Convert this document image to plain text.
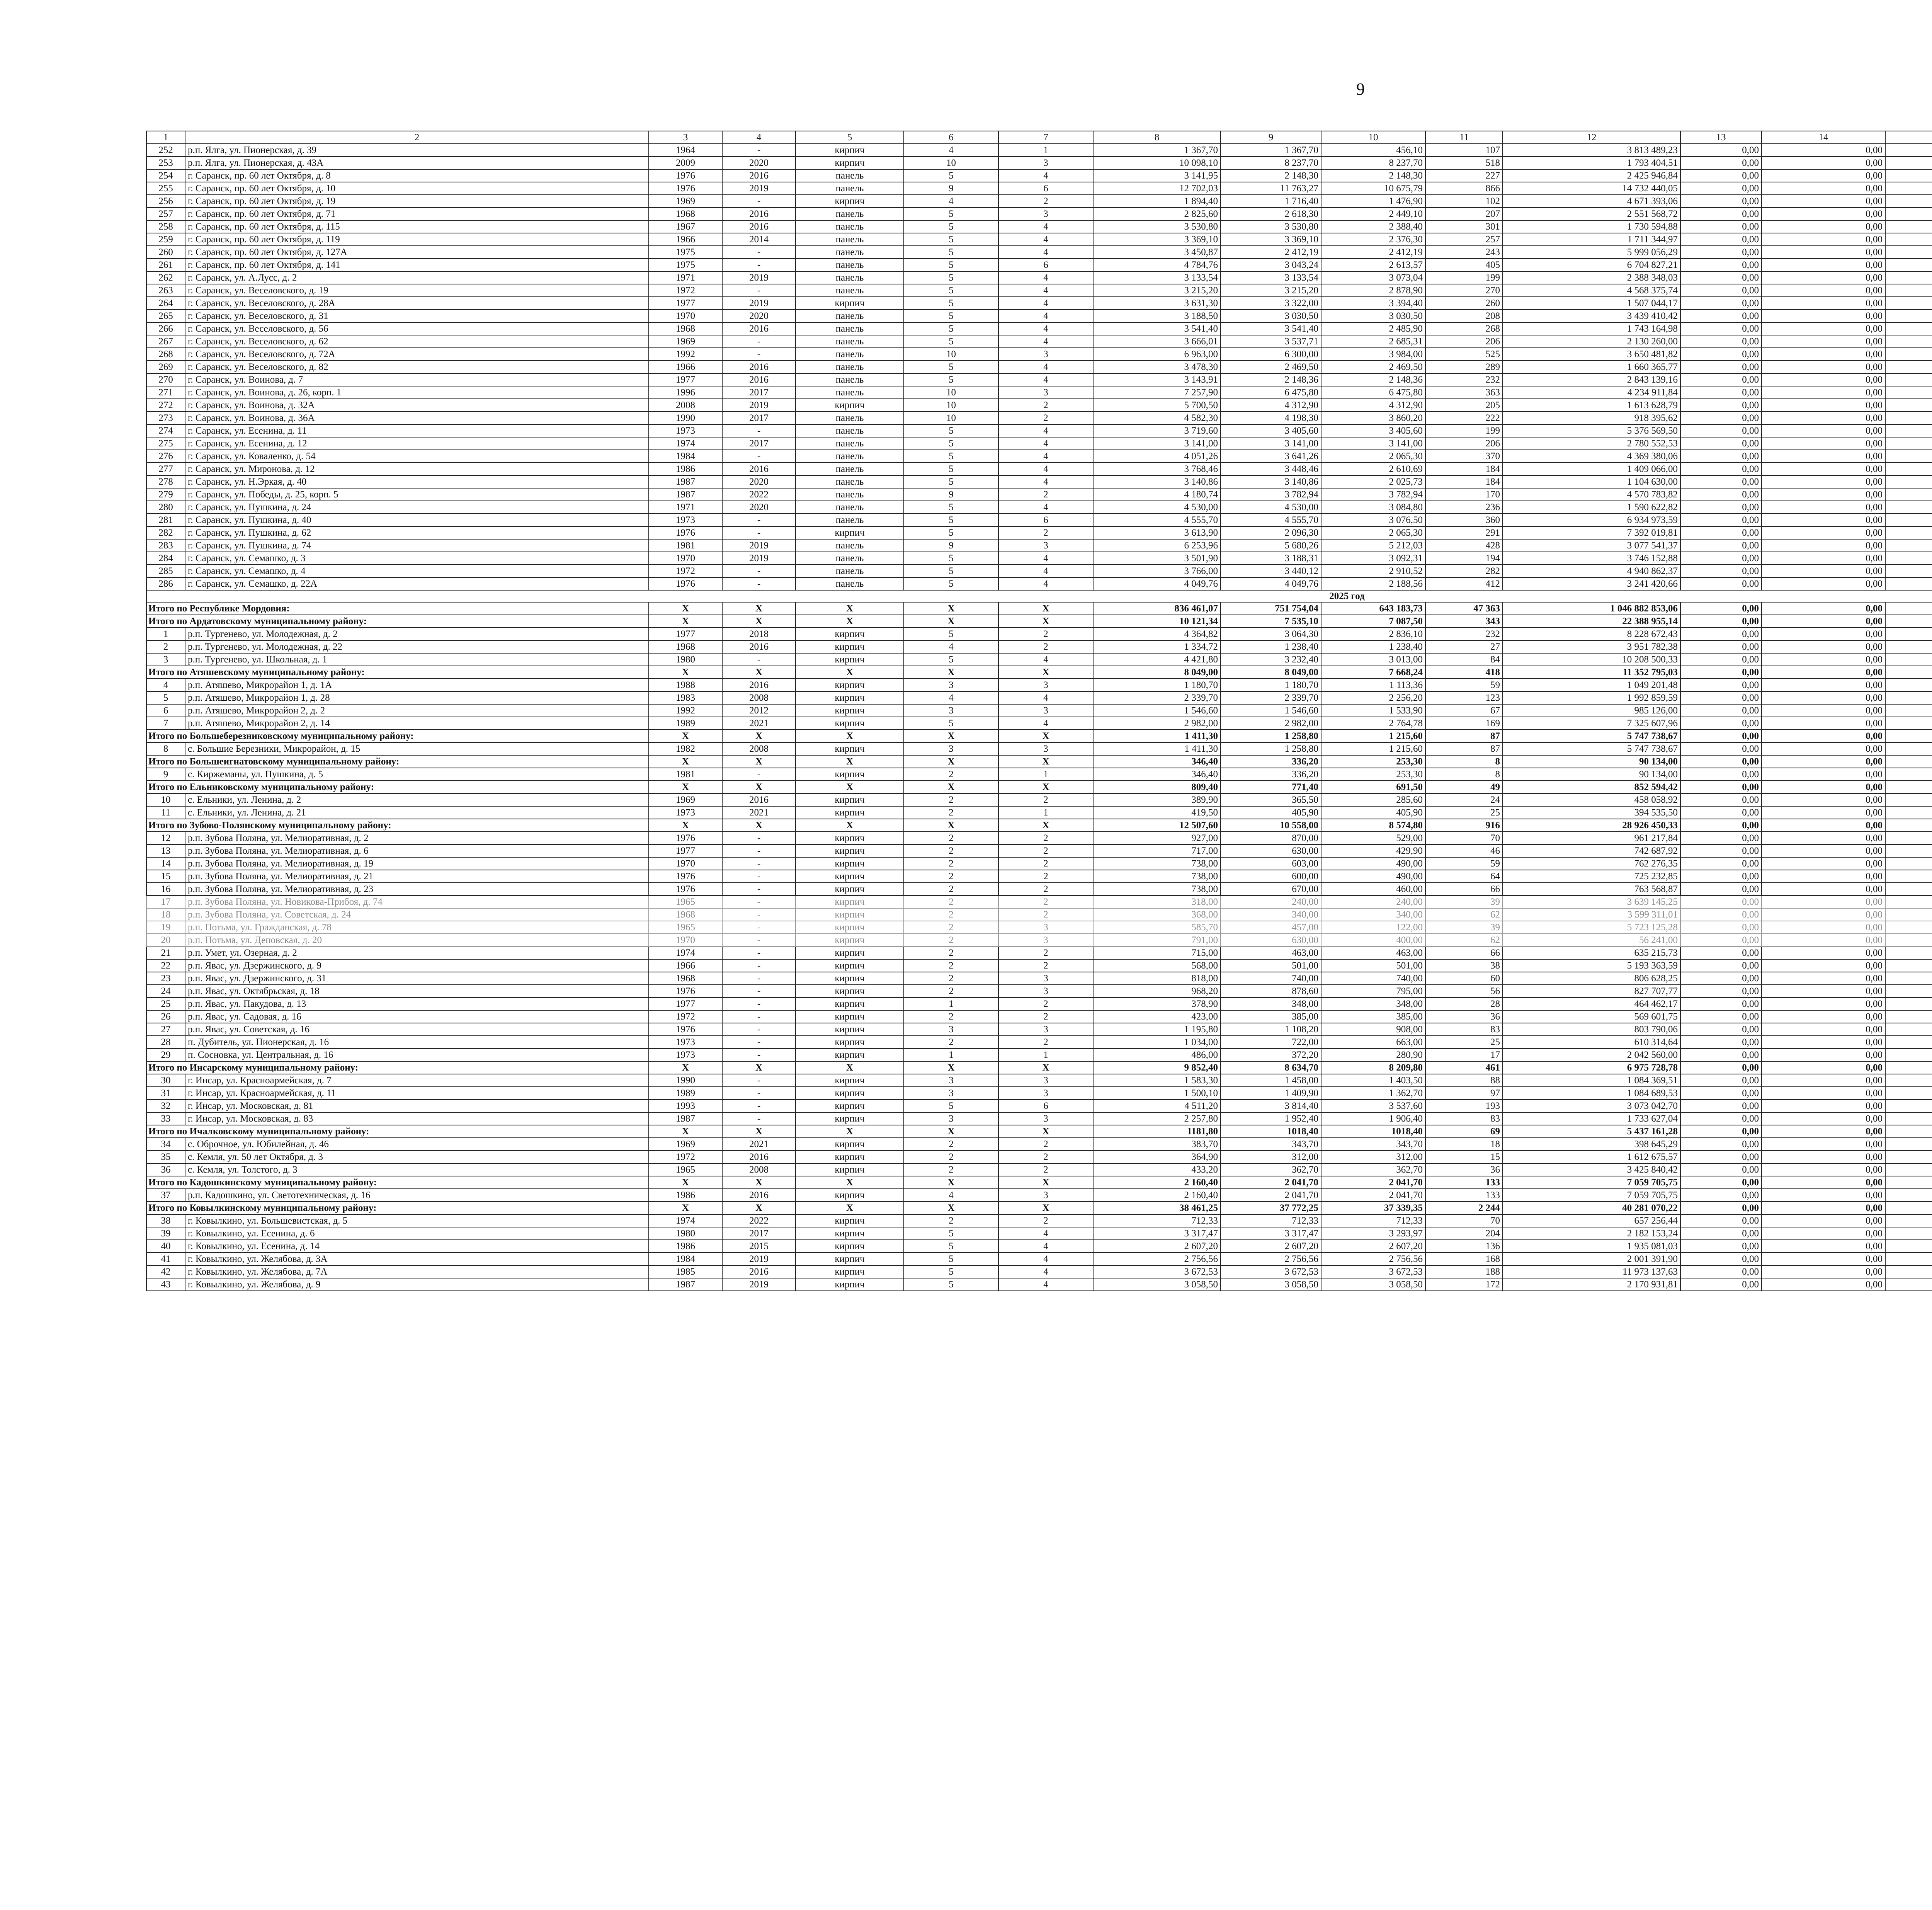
9
1	2	3	4	5	6	7	8	9	10	11	12	13	14					
252	р.п. Ялга, ул. Пионерская, д. 39	1964	-	кирпич	4	1	1 367,70	1 367,70	456,10	107	3 813 489,23	0,00	0,00					
253	р.п. Ялга, ул. Пионерская, д. 43А	2009	2020	кирпич	10	3	10 098,10	8 237,70	8 237,70	518	1 793 404,51	0,00	0,00					
254	г. Саранск, пр. 60 лет Октября, д. 8	1976	2016	панель	5	4	3 141,95	2 148,30	2 148,30	227	2 425 946,84	0,00	0,00					
255	г. Саранск, пр. 60 лет Октября, д. 10	1976	2019	панель	9	6	12 702,03	11 763,27	10 675,79	866	14 732 440,05	0,00	0,00					
256	г. Саранск, пр. 60 лет Октября, д. 19	1969	-	кирпич	4	2	1 894,40	1 716,40	1 476,90	102	4 671 393,06	0,00	0,00					
257	г. Саранск, пр. 60 лет Октября, д. 71	1968	2016	панель	5	3	2 825,60	2 618,30	2 449,10	207	2 551 568,72	0,00	0,00					
258	г. Саранск, пр. 60 лет Октября, д. 115	1967	2016	панель	5	4	3 530,80	3 530,80	2 388,40	301	1 730 594,88	0,00	0,00					
259	г. Саранск, пр. 60 лет Октября, д. 119	1966	2014	панель	5	4	3 369,10	3 369,10	2 376,30	257	1 711 344,97	0,00	0,00					
260	г. Саранск, пр. 60 лет Октября, д. 127А	1975	-	панель	5	4	3 450,87	2 412,19	2 412,19	243	5 999 056,29	0,00	0,00					
261	г. Саранск, пр. 60 лет Октября, д. 141	1975	-	панель	5	6	4 784,76	3 043,24	2 613,57	405	6 704 827,21	0,00	0,00					
262	г. Саранск, ул. А.Лусс, д. 2	1971	2019	панель	5	4	3 133,54	3 133,54	3 073,04	199	2 388 348,03	0,00	0,00					
263	г. Саранск, ул. Веселовского, д. 19	1972	-	панель	5	4	3 215,20	3 215,20	2 878,90	270	4 568 375,74	0,00	0,00					
264	г. Саранск, ул. Веселовского, д. 28А	1977	2019	кирпич	5	4	3 631,30	3 322,00	3 394,40	260	1 507 044,17	0,00	0,00					
265	г. Саранск, ул. Веселовского, д. 31	1970	2020	панель	5	4	3 188,50	3 030,50	3 030,50	208	3 439 410,42	0,00	0,00					
266	г. Саранск, ул. Веселовского, д. 56	1968	2016	панель	5	4	3 541,40	3 541,40	2 485,90	268	1 743 164,98	0,00	0,00					
267	г. Саранск, ул. Веселовского, д. 62	1969	-	панель	5	4	3 666,01	3 537,71	2 685,31	206	2 130 260,00	0,00	0,00					
268	г. Саранск, ул. Веселовского, д. 72А	1992	-	панель	10	3	6 963,00	6 300,00	3 984,00	525	3 650 481,82	0,00	0,00					
269	г. Саранск, ул. Веселовского, д. 82	1966	2016	панель	5	4	3 478,30	2 469,50	2 469,50	289	1 660 365,77	0,00	0,00					
270	г. Саранск, ул. Воинова, д. 7	1977	2016	панель	5	4	3 143,91	2 148,36	2 148,36	232	2 843 139,16	0,00	0,00					
271	г. Саранск, ул. Воинова, д. 26, корп. 1	1996	2017	панель	10	3	7 257,90	6 475,80	6 475,80	363	4 234 911,84	0,00	0,00					
272	г. Саранск, ул. Воинова, д. 32А	2008	2019	кирпич	10	2	5 700,50	4 312,90	4 312,90	205	1 613 628,79	0,00	0,00					
273	г. Саранск, ул. Воинова, д. 36А	1990	2017	панель	10	2	4 582,30	4 198,30	3 860,20	222	918 395,62	0,00	0,00					
274	г. Саранск, ул. Есенина, д. 11	1973	-	панель	5	4	3 719,60	3 405,60	3 405,60	199	5 376 569,50	0,00	0,00					
275	г. Саранск, ул. Есенина, д. 12	1974	2017	панель	5	4	3 141,00	3 141,00	3 141,00	206	2 780 552,53	0,00	0,00					
276	г. Саранск, ул. Коваленко, д. 54	1984	-	панель	5	4	4 051,26	3 641,26	2 065,30	370	4 369 380,06	0,00	0,00					
277	г. Саранск, ул. Миронова, д. 12	1986	2016	панель	5	4	3 768,46	3 448,46	2 610,69	184	1 409 066,00	0,00	0,00					
278	г. Саранск, ул. Н.Эркая, д. 40	1987	2020	панель	5	4	3 140,86	3 140,86	2 025,73	184	1 104 630,00	0,00	0,00					
279	г. Саранск, ул. Победы, д. 25, корп. 5	1987	2022	панель	9	2	4 180,74	3 782,94	3 782,94	170	4 570 783,82	0,00	0,00					
280	г. Саранск, ул. Пушкина, д. 24	1971	2020	панель	5	4	4 530,00	4 530,00	3 084,80	236	1 590 622,82	0,00	0,00					
281	г. Саранск, ул. Пушкина, д. 40	1973	-	панель	5	6	4 555,70	4 555,70	3 076,50	360	6 934 973,59	0,00	0,00					
282	г. Саранск, ул. Пушкина, д. 62	1976	-	кирпич	5	2	3 613,90	2 096,30	2 065,30	291	7 392 019,81	0,00	0,00					
283	г. Саранск, ул. Пушкина, д. 74	1981	2019	панель	9	3	6 253,96	5 680,26	5 212,03	428	3 077 541,37	0,00	0,00					
284	г. Саранск, ул. Семашко, д. 3	1970	2019	панель	5	4	3 501,90	3 188,31	3 092,31	194	3 746 152,88	0,00	0,00					
285	г. Саранск, ул. Семашко, д. 4	1972	-	панель	5	4	3 766,00	3 440,12	2 910,52	282	4 940 862,37	0,00	0,00					
286	г. Саранск, ул. Семашко, д. 22А	1976	-	панель	5	4	4 049,76	4 049,76	2 188,56	412	3 241 420,66	0,00	0,00					
2025 год																		
Итого по Республике Мордовия:		X	X	X	X	X	836 461,07	751 754,04	643 183,73	47 363	1 046 882 853,06	0,00	0,00					
Итого по Ардатовскому муниципальному району:		X	X	X	X	X	10 121,34	7 535,10	7 087,50	343	22 388 955,14	0,00	0,00					
1	р.п. Тургенево, ул. Молодежная, д. 2	1977	2018	кирпич	5	2	4 364,82	3 064,30	2 836,10	232	8 228 672,43	0,00	0,00					
2	р.п. Тургенево, ул. Молодежная, д. 22	1968	2016	кирпич	4	2	1 334,72	1 238,40	1 238,40	27	3 951 782,38	0,00	0,00					
3	р.п. Тургенево, ул. Школьная, д. 1	1980	-	кирпич	5	4	4 421,80	3 232,40	3 013,00	84	10 208 500,33	0,00	0,00					
Итого по Атяшевскому муниципальному району:		X	X	X	X	X	8 049,00	8 049,00	7 668,24	418	11 352 795,03	0,00	0,00					
4	р.п. Атяшево, Микрорайон 1, д. 1А	1988	2016	кирпич	3	3	1 180,70	1 180,70	1 113,36	59	1 049 201,48	0,00	0,00					
5	р.п. Атяшево, Микрорайон 1, д. 28	1983	2008	кирпич	4	4	2 339,70	2 339,70	2 256,20	123	1 992 859,59	0,00	0,00					
6	р.п. Атяшево, Микрорайон 2, д. 2	1992	2012	кирпич	3	3	1 546,60	1 546,60	1 533,90	67	985 126,00	0,00	0,00					
7	р.п. Атяшево, Микрорайон 2, д. 14	1989	2021	кирпич	5	4	2 982,00	2 982,00	2 764,78	169	7 325 607,96	0,00	0,00					
Итого по Большеберезниковскому муниципальному району:		X	X	X	X	X	1 411,30	1 258,80	1 215,60	87	5 747 738,67	0,00	0,00					
8	с. Большие Березники, Микрорайон, д. 15	1982	2008	кирпич	3	3	1 411,30	1 258,80	1 215,60	87	5 747 738,67	0,00	0,00					
Итого по Большеигнатовскому муниципальному району:		X	X	X	X	X	346,40	336,20	253,30	8	90 134,00	0,00	0,00					
9	с. Киржеманы, ул. Пушкина, д. 5	1981	-	кирпич	2	1	346,40	336,20	253,30	8	90 134,00	0,00	0,00					
Итого по Ельниковскому муниципальному району:		X	X	X	X	X	809,40	771,40	691,50	49	852 594,42	0,00	0,00					
10	с. Ельники, ул. Ленина, д. 2	1969	2016	кирпич	2	2	389,90	365,50	285,60	24	458 058,92	0,00	0,00					
11	с. Ельники, ул. Ленина, д. 21	1973	2021	кирпич	2	1	419,50	405,90	405,90	25	394 535,50	0,00	0,00					
Итого по Зубово-Полянскому муниципальному району:		X	X	X	X	X	12 507,60	10 558,00	8 574,80	916	28 926 450,33	0,00	0,00					
12	р.п. Зубова Поляна, ул. Мелиоративная, д. 2	1976	-	кирпич	2	2	927,00	870,00	529,00	70	961 217,84	0,00	0,00					
13	р.п. Зубова Поляна, ул. Мелиоративная, д. 6	1977	-	кирпич	2	2	717,00	630,00	429,90	46	742 687,92	0,00	0,00					
14	р.п. Зубова Поляна, ул. Мелиоративная, д. 19	1970	-	кирпич	2	2	738,00	603,00	490,00	59	762 276,35	0,00	0,00					
15	р.п. Зубова Поляна, ул. Мелиоративная, д. 21	1976	-	кирпич	2	2	738,00	600,00	490,00	64	725 232,85	0,00	0,00					
16	р.п. Зубова Поляна, ул. Мелиоративная, д. 23	1976	-	кирпич	2	2	738,00	670,00	460,00	66	763 568,87	0,00	0,00					
17	р.п. Зубова Поляна, ул. Новикова-Прибоя, д. 74	1965	-	кирпич	2	2	318,00	240,00	240,00	39	3 639 145,25	0,00	0,00					
18	р.п. Зубова Поляна, ул. Советская, д. 24	1968	-	кирпич	2	2	368,00	340,00	340,00	62	3 599 311,01	0,00	0,00					
19	р.п. Потьма, ул. Гражданская, д. 78	1965	-	кирпич	2	3	585,70	457,00	122,00	39	5 723 125,28	0,00	0,00					
20	р.п. Потьма, ул. Деповская, д. 20	1970	-	кирпич	2	3	791,00	630,00	400,00	62	56 241,00	0,00	0,00					
21	р.п. Умет, ул. Озерная, д. 2	1974	-	кирпич	2	2	715,00	463,00	463,00	66	635 215,73	0,00	0,00					
22	р.п. Явас, ул. Дзержинского, д. 9	1966	-	кирпич	2	2	568,00	501,00	501,00	38	5 193 363,59	0,00	0,00					
23	р.п. Явас, ул. Дзержинского, д. 31	1968	-	кирпич	2	3	818,00	740,00	740,00	60	806 628,25	0,00	0,00					
24	р.п. Явас, ул. Октябрьская, д. 18	1976	-	кирпич	2	3	968,20	878,60	795,00	56	827 707,77	0,00	0,00					
25	р.п. Явас, ул. Пакудова, д. 13	1977	-	кирпич	1	2	378,90	348,00	348,00	28	464 462,17	0,00	0,00					
26	р.п. Явас, ул. Садовая, д. 16	1972	-	кирпич	2	2	423,00	385,00	385,00	36	569 601,75	0,00	0,00					
27	р.п. Явас, ул. Советская, д. 16	1976	-	кирпич	3	3	1 195,80	1 108,20	908,00	83	803 790,06	0,00	0,00					
28	п. Дубитель, ул. Пионерская, д. 16	1973	-	кирпич	2	2	1 034,00	722,00	663,00	25	610 314,64	0,00	0,00					
29	п. Сосновка, ул. Центральная, д. 16	1973	-	кирпич	1	1	486,00	372,20	280,90	17	2 042 560,00	0,00	0,00					
Итого по Инсарскому муниципальному району:		X	X	X	X	X	9 852,40	8 634,70	8 209,80	461	6 975 728,78	0,00	0,00					
30	г. Инсар, ул. Красноармейская, д. 7	1990	-	кирпич	3	3	1 583,30	1 458,00	1 403,50	88	1 084 369,51	0,00	0,00					
31	г. Инсар, ул. Красноармейская, д. 11	1989	-	кирпич	3	3	1 500,10	1 409,90	1 362,70	97	1 084 689,53	0,00	0,00					
32	г. Инсар, ул. Московская, д. 81	1993	-	кирпич	5	6	4 511,20	3 814,40	3 537,60	193	3 073 042,70	0,00	0,00					
33	г. Инсар, ул. Московская, д. 83	1987	-	кирпич	3	3	2 257,80	1 952,40	1 906,40	83	1 733 627,04	0,00	0,00					
Итого по Ичалковскому муниципальному району:		X	X	X	X	X	1181,80	1018,40	1018,40	69	5 437 161,28	0,00	0,00					
34	с. Оброчное, ул. Юбилейная, д. 46	1969	2021	кирпич	2	2	383,70	343,70	343,70	18	398 645,29	0,00	0,00					
35	с. Кемля, ул. 50 лет Октября, д. 3	1972	2016	кирпич	2	2	364,90	312,00	312,00	15	1 612 675,57	0,00	0,00					
36	с. Кемля, ул. Толстого, д. 3	1965	2008	кирпич	2	2	433,20	362,70	362,70	36	3 425 840,42	0,00	0,00					
Итого по Кадошкинскому муниципальному району:		X	X	X	X	X	2 160,40	2 041,70	2 041,70	133	7 059 705,75	0,00	0,00					
37	р.п. Кадошкино, ул. Светотехническая, д. 16	1986	2016	кирпич	4	3	2 160,40	2 041,70	2 041,70	133	7 059 705,75	0,00	0,00					
Итого по Ковылкинскому муниципальному району:		X	X	X	X	X	38 461,25	37 772,25	37 339,35	2 244	40 281 070,22	0,00	0,00					
38	г. Ковылкино, ул. Большевистская, д. 5	1974	2022	кирпич	2	2	712,33	712,33	712,33	70	657 256,44	0,00	0,00					
39	г. Ковылкино, ул. Есенина, д. 6	1980	2017	кирпич	5	4	3 317,47	3 317,47	3 293,97	204	2 182 153,24	0,00	0,00					
40	г. Ковылкино, ул. Есенина, д. 14	1986	2015	кирпич	5	4	2 607,20	2 607,20	2 607,20	136	1 935 081,03	0,00	0,00					
41	г. Ковылкино, ул. Желябова, д. 3А	1984	2019	кирпич	5	4	2 756,56	2 756,56	2 756,56	168	2 001 391,90	0,00	0,00					
42	г. Ковылкино, ул. Желябова, д. 7А	1985	2016	кирпич	5	4	3 672,53	3 672,53	3 672,53	188	11 973 137,63	0,00	0,00					
43	г. Ковылкино, ул. Желябова, д. 9	1987	2019	кирпич	5	4	3 058,50	3 058,50	3 058,50	172	2 170 931,81	0,00	0,00					
